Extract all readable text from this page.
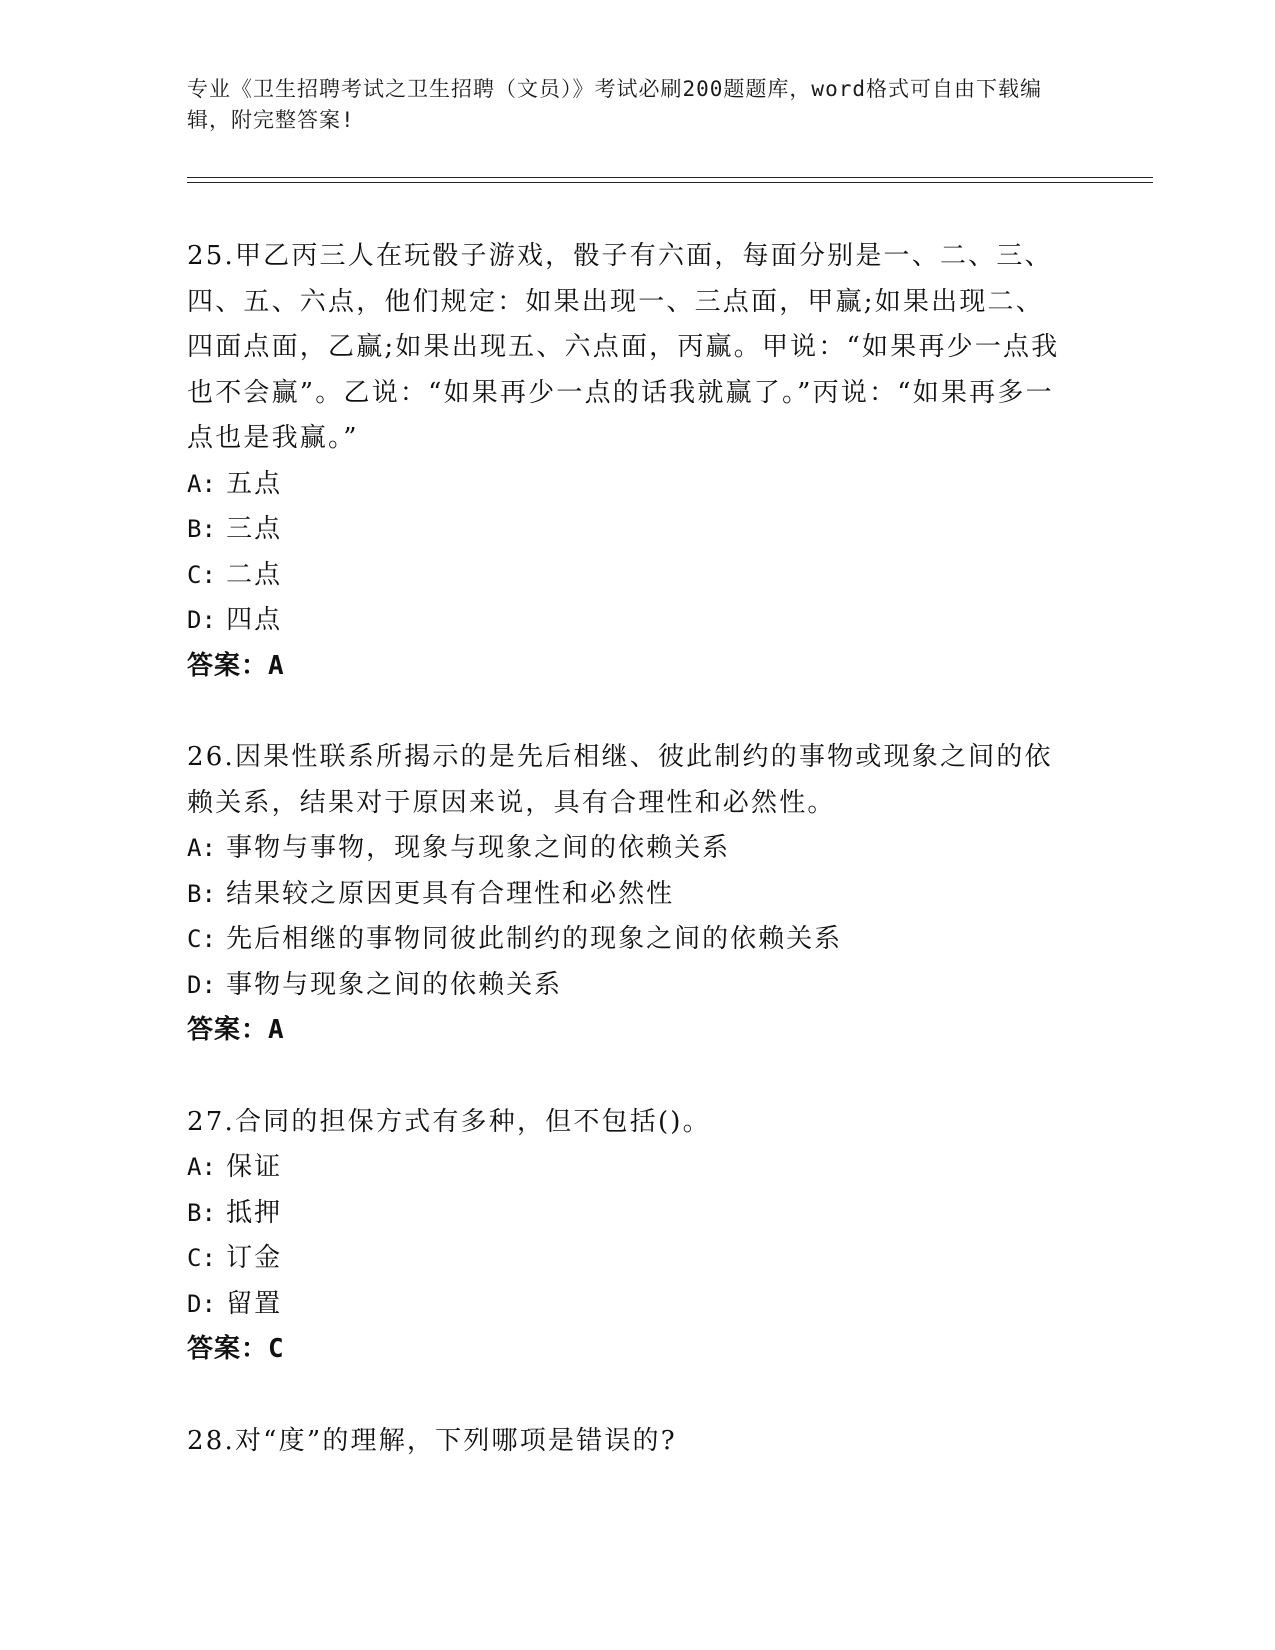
专业《卫生招聘考试之卫生招聘（文员）》考试必刷200题题库，word格式可自由下载编辑，附完整答案!
25.甲乙丙三人在玩骰子游戏，骰子有六面，每面分别是一、二、三、四、五、六点，他们规定：如果出现一、三点面，甲赢;如果出现二、四面点面，乙赢;如果出现五、六点面，丙赢。甲说：“如果再少一点我也不会赢”。乙说：“如果再少一点的话我就赢了。”丙说：“如果再多一点也是我赢。”
A: 五点
B: 三点
C: 二点
D: 四点
答案：A
26.因果性联系所揭示的是先后相继、彼此制约的事物或现象之间的依赖关系，结果对于原因来说，具有合理性和必然性。
A: 事物与事物，现象与现象之间的依赖关系
B: 结果较之原因更具有合理性和必然性
C: 先后相继的事物同彼此制约的现象之间的依赖关系
D: 事物与现象之间的依赖关系
答案：A
27.合同的担保方式有多种，但不包括()。
A: 保证
B: 抵押
C: 订金
D: 留置
答案：C
28.对“度”的理解，下列哪项是错误的?
